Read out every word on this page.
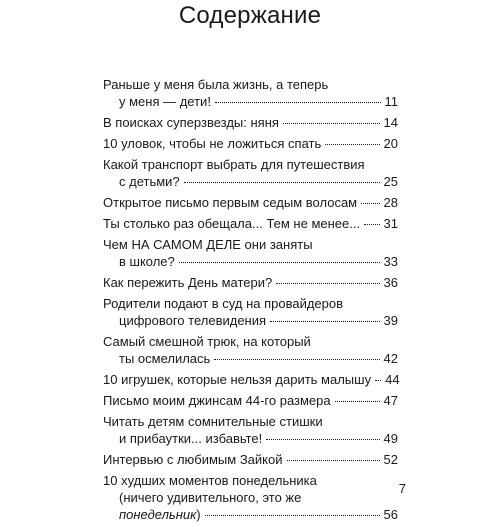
Содержание
Раньше у меня была жизнь, а теперь
у меня — дети!	11
В поисках суперзвезды: няня	14
10 уловок, чтобы не ложиться спать	20
Какой транспорт выбрать для путешествия
с детьми?	25
Открытое письмо первым седым волосам 28
Ты столько раз обещала... Тем не менее... 31
Чем НА САМОМ ДЕЛЕ они заняты
в школе?	33
Как пережить День матери?	36
Родители подают в суд на провайдеров
цифрового телевидения	39
Самый смешной трюк, на который
ты осмелилась	42
10 игрушек, которые нельзя дарить малышу 44
Письмо моим джинсам 44-го размера	47
Читать детям сомнительные стишки
и прибаутки... избавьте!	49
Интервью с любимым Зайкой	52
10 худших моментов понедельника
(ничего удивительного, это же
понедельник)	56
7
